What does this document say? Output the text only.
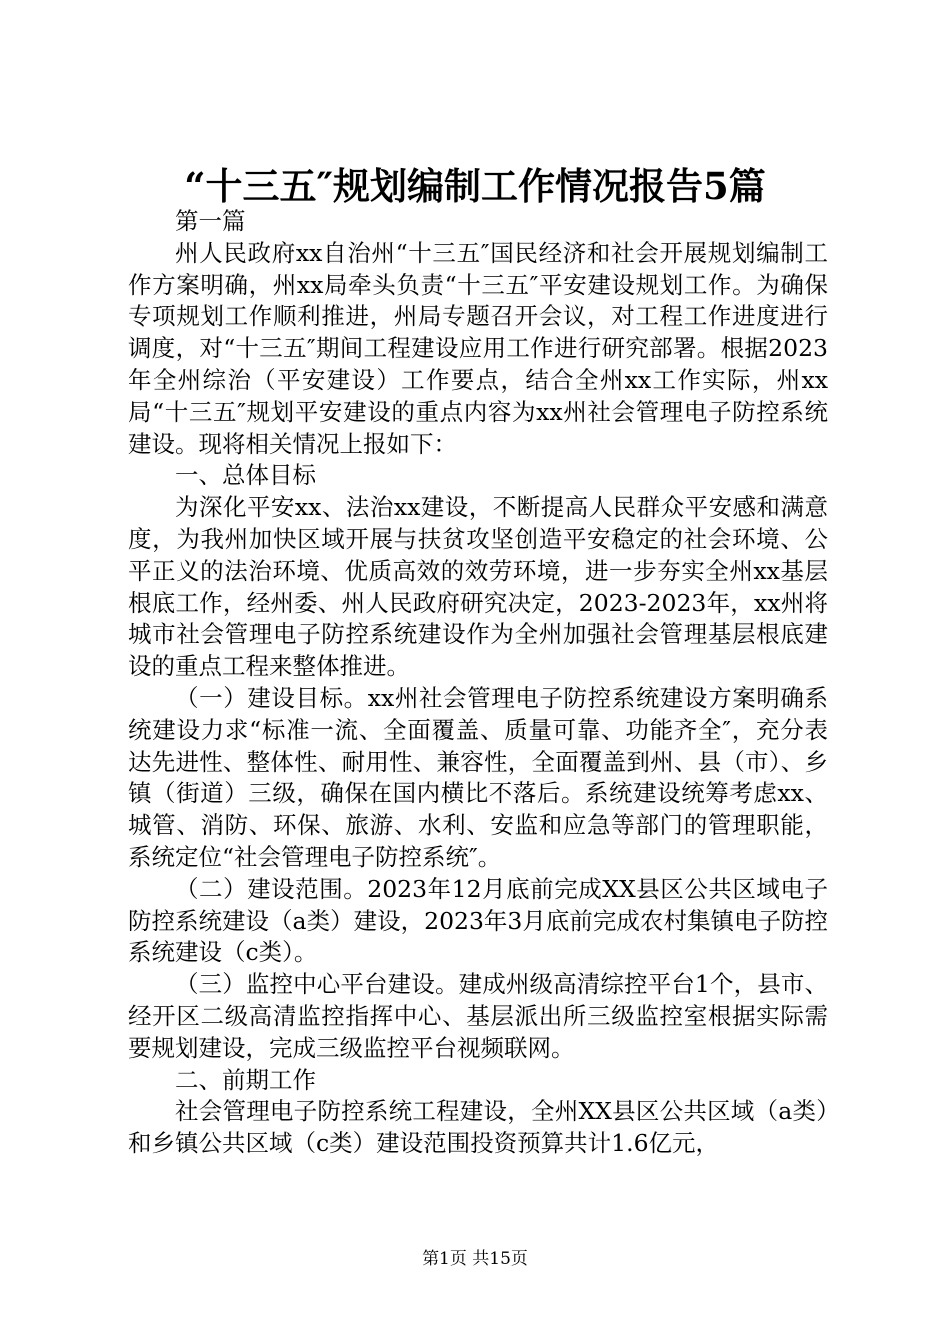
“十三五″规划编制工作情况报告5篇

第一篇

州人民政府xx自治州“十三五″国民经济和社会开展规划编制工作方案明确，州xx局牵头负责“十三五″平安建设规划工作。为确保专项规划工作顺利推进，州局专题召开会议，对工程工作进度进行调度，对“十三五″期间工程建设应用工作进行研究部署。根据2023年全州综治（平安建设）工作要点，结合全州xx工作实际，州xx局“十三五″规划平安建设的重点内容为xx州社会管理电子防控系统建设。现将相关情况上报如下：

一、总体目标

为深化平安xx、法治xx建设，不断提高人民群众平安感和满意度，为我州加快区域开展与扶贫攻坚创造平安稳定的社会环境、公平正义的法治环境、优质高效的效劳环境，进一步夯实全州xx基层根底工作，经州委、州人民政府研究决定，2023-2023年，xx州将城市社会管理电子防控系统建设作为全州加强社会管理基层根底建设的重点工程来整体推进。

（一）建设目标。xx州社会管理电子防控系统建设方案明确系统建设力求“标准一流、全面覆盖、质量可靠、功能齐全″，充分表达先进性、整体性、耐用性、兼容性，全面覆盖到州、县（市）、乡镇（街道）三级，确保在国内横比不落后。系统建设统筹考虑xx、城管、消防、环保、旅游、水利、安监和应急等部门的管理职能，系统定位“社会管理电子防控系统″。

（二）建设范围。2023年12月底前完成XX县区公共区域电子防控系统建设（a类）建设，2023年3月底前完成农村集镇电子防控系统建设（c类）。

（三）监控中心平台建设。建成州级高清综控平台1个，县市、经开区二级高清监控指挥中心、基层派出所三级监控室根据实际需要规划建设，完成三级监控平台视频联网。

二、前期工作

社会管理电子防控系统工程建设，全州XX县区公共区域（a类）和乡镇公共区域（c类）建设范围投资预算共计1.6亿元，

第1页 共15页
